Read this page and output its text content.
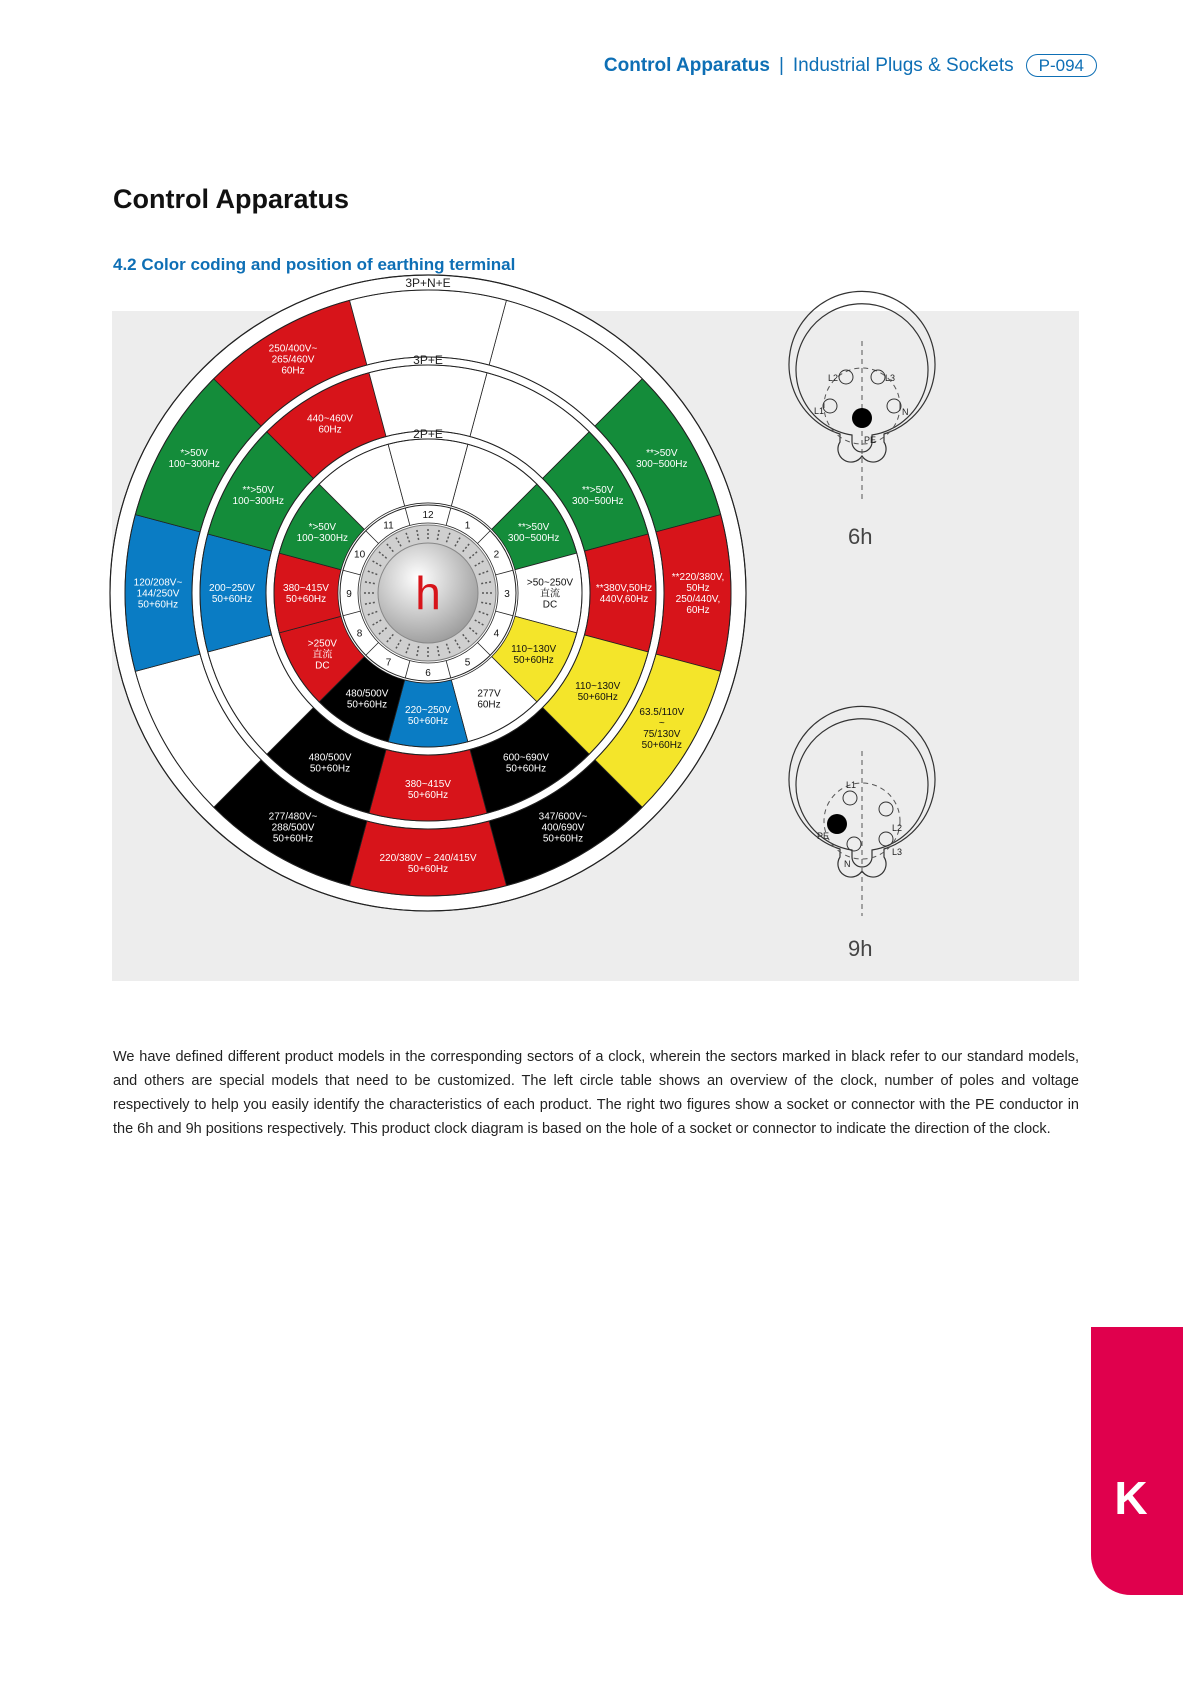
Control Apparatus | Industrial Plugs & Sockets	P-094
Control Apparatus
4.2 Color coding and position of earthing terminal
**>50V
300~500Hz
**220/380V,
50Hz
250/440V,
60Hz
63.5/110V
~
75/130V
50+60Hz
347/600V~
400/690V
50+60Hz
220/380V ~ 240/415V
50+60Hz
277/480V~
288/500V
50+60Hz
120/208V~
144/250V
50+60Hz
*>50V
100~300Hz
250/400V~
265/460V
60Hz
3P+N+E
**>50V
300~500Hz
**380V,50Hz
440V,60Hz
110~130V
50+60Hz
600~690V
50+60Hz
380~415V
50+60Hz
480/500V
50+60Hz
200~250V
50+60Hz
**>50V
100~300Hz
440~460V
60Hz
3P+E
**>50V
300~500Hz
>50~250V
直流
DC
110~130V
50+60Hz
277V
60Hz
220~250V
50+60Hz
480/500V
50+60Hz
>250V
直流
DC
380~415V
50+60Hz
*>50V
100~300Hz
2P+E
12
1
2
3
4
5
6
7
8
9
10
11
h
L2	L3
L1	N
PE
6h
L1
L2
L3
N
PE
9h

We have defined different product models in the corresponding sectors of a clock, wherein the sectors marked in black refer to our standard models, and others are special models that need to be customized. The left circle table shows an overview of the clock, number of poles and voltage respectively to help you easily identify the characteristics of each product. The right two figures show a socket or connector with the PE conductor in the 6h and 9h positions respectively. This product clock diagram is based on the hole of a socket or connector to indicate the direction of the clock.

K
